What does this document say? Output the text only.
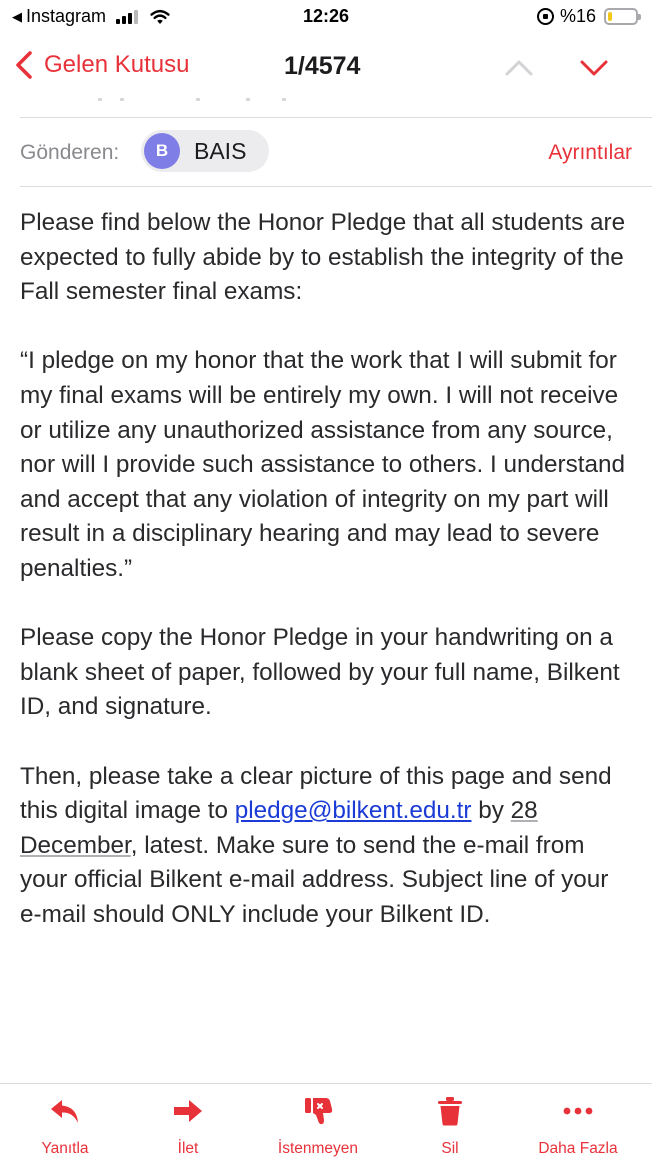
◀ Instagram	12:26	%16
Gelen Kutusu	1/4574
Gönderen:	B	BAIS	Ayrıntılar

Please find below the Honor Pledge that all students are expected to fully abide by to establish the integrity of the Fall semester final exams:

“I pledge on my honor that the work that I will submit for my final exams will be entirely my own. I will not receive or utilize any unauthorized assistance from any source, nor will I provide such assistance to others. I understand and accept that any violation of integrity on my part will result in a disciplinary hearing and may lead to severe penalties.”

Please copy the Honor Pledge in your handwriting on a blank sheet of paper, followed by your full name, Bilkent ID, and signature.

Then, please take a clear picture of this page and send this digital image to pledge@bilkent.edu.tr by 28 December, latest. Make sure to send the e-mail from your official Bilkent e-mail address. Subject line of your e-mail should ONLY include your Bilkent ID.

Yanıtla	İlet	İstenmeyen	Sil	Daha Fazla
